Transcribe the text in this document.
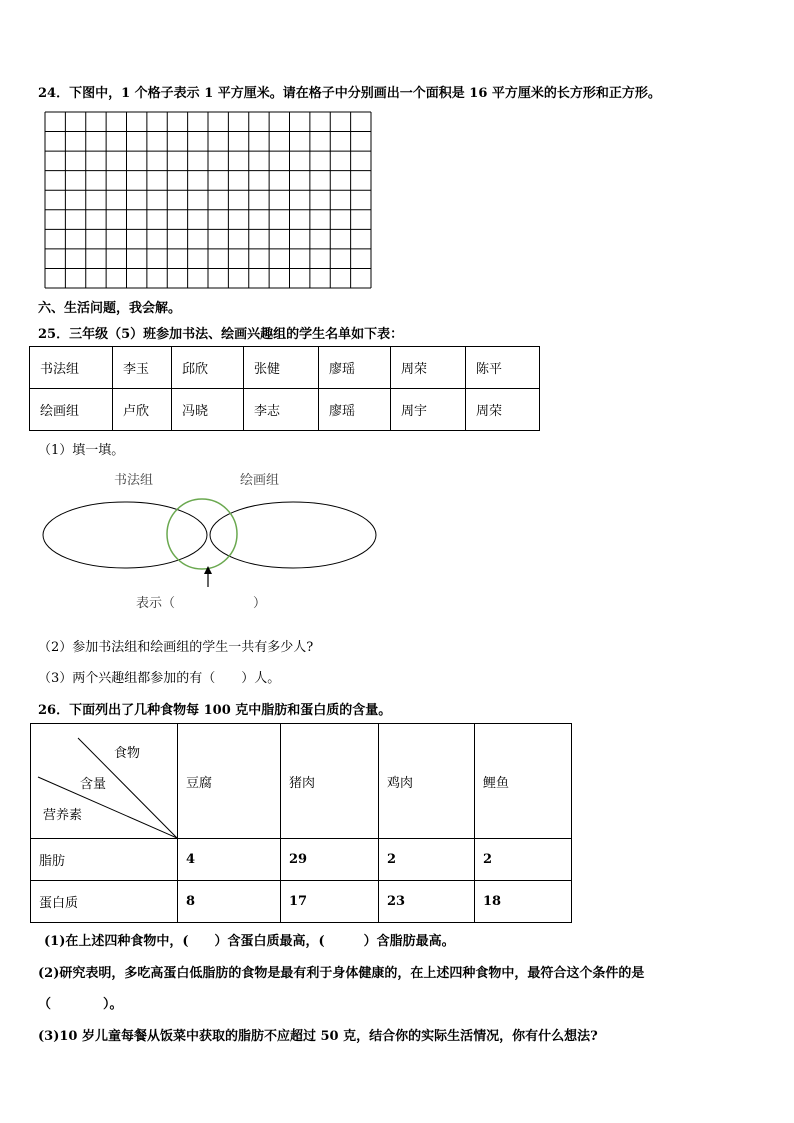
24．下图中，1 个格子表示 1 平方厘米。请在格子中分别画出一个面积是 16 平方厘米的长方形和正方形。
六、生活问题，我会解。
25．三年级（5）班参加书法、绘画兴趣组的学生名单如下表：
书法组	李玉	邱欣	张健	廖瑶	周荣	陈平
绘画组	卢欣	冯晓	李志	廖瑶	周宇	周荣
（1）填一填。
书法组	绘画组
表示（　　　　　　）
（2）参加书法组和绘画组的学生一共有多少人?
（3）两个兴趣组都参加的有（　　）人。
26．下面列出了几种食物每 100 克中脂肪和蛋白质的含量。
食物
含量
营养素	豆腐	猪肉	鸡肉	鲤鱼
脂肪	4	29	2	2
蛋白质	8	17	23	18
(1)在上述四种食物中，(　　）含蛋白质最高，(　　　）含脂肪最高。
(2)研究表明，多吃高蛋白低脂肪的食物是最有利于身体健康的，在上述四种食物中，最符合这个条件的是
（　　　　）。
(3)10 岁儿童每餐从饭菜中获取的脂肪不应超过 50 克，结合你的实际生活情况，你有什么想法?
